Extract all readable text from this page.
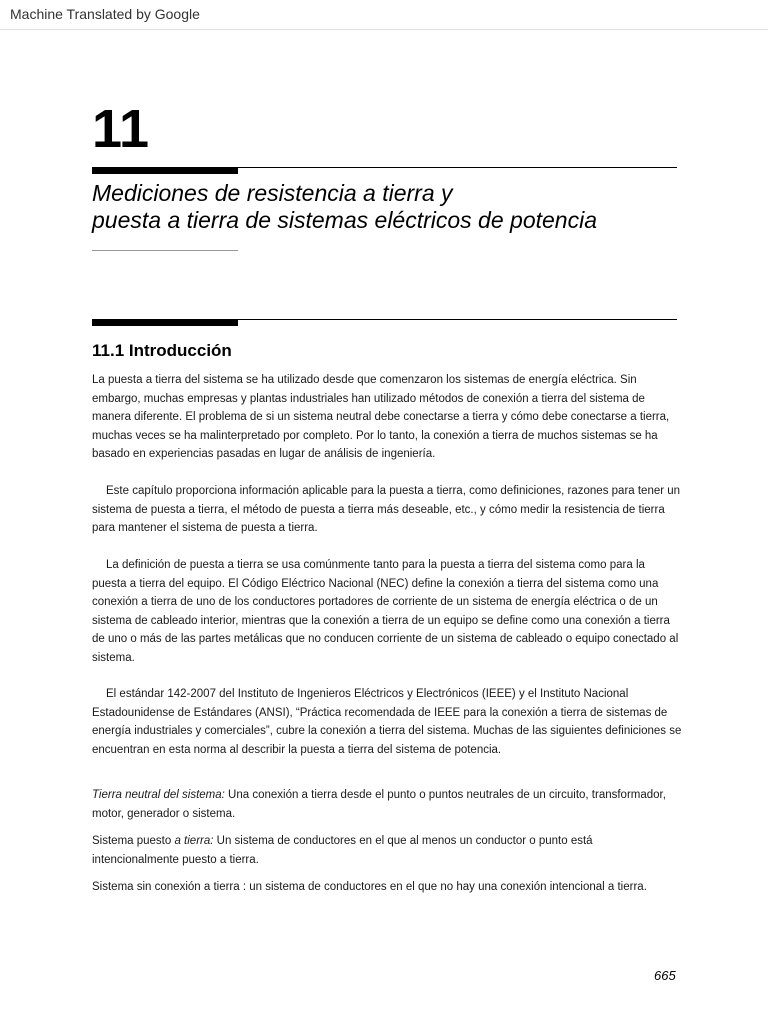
Machine Translated by Google
11
Mediciones de resistencia a tierra y
puesta a tierra de sistemas eléctricos de potencia
11.1 Introducción
La puesta a tierra del sistema se ha utilizado desde que comenzaron los sistemas de energía eléctrica. Sin embargo, muchas empresas y plantas industriales han utilizado métodos de conexión a tierra del sistema de manera diferente. El problema de si un sistema neutral debe conectarse a tierra y cómo debe conectarse a tierra, muchas veces se ha malinterpretado por completo. Por lo tanto, la conexión a tierra de muchos sistemas se ha basado en experiencias pasadas en lugar de análisis de ingeniería.
Este capítulo proporciona información aplicable para la puesta a tierra, como definiciones, razones para tener un sistema de puesta a tierra, el método de puesta a tierra más deseable, etc., y cómo medir la resistencia de tierra para mantener el sistema de puesta a tierra.
La definición de puesta a tierra se usa comúnmente tanto para la puesta a tierra del sistema como para la puesta a tierra del equipo. El Código Eléctrico Nacional (NEC) define la conexión a tierra del sistema como una conexión a tierra de uno de los conductores portadores de corriente de un sistema de energía eléctrica o de un sistema de cableado interior, mientras que la conexión a tierra de un equipo se define como una conexión a tierra de uno o más de las partes metálicas que no conducen corriente de un sistema de cableado o equipo conectado al sistema.
El estándar 142-2007 del Instituto de Ingenieros Eléctricos y Electrónicos (IEEE) y el Instituto Nacional Estadounidense de Estándares (ANSI), “Práctica recomendada de IEEE para la conexión a tierra de sistemas de energía industriales y comerciales”, cubre la conexión a tierra del sistema. Muchas de las siguientes definiciones se encuentran en esta norma al describir la puesta a tierra del sistema de potencia.
Tierra neutral del sistema: Una conexión a tierra desde el punto o puntos neutrales de un circuito, transformador, motor, generador o sistema.
Sistema puesto a tierra: Un sistema de conductores en el que al menos un conductor o punto está intencionalmente puesto a tierra.
Sistema sin conexión a tierra : un sistema de conductores en el que no hay una conexión intencional a tierra.
665
